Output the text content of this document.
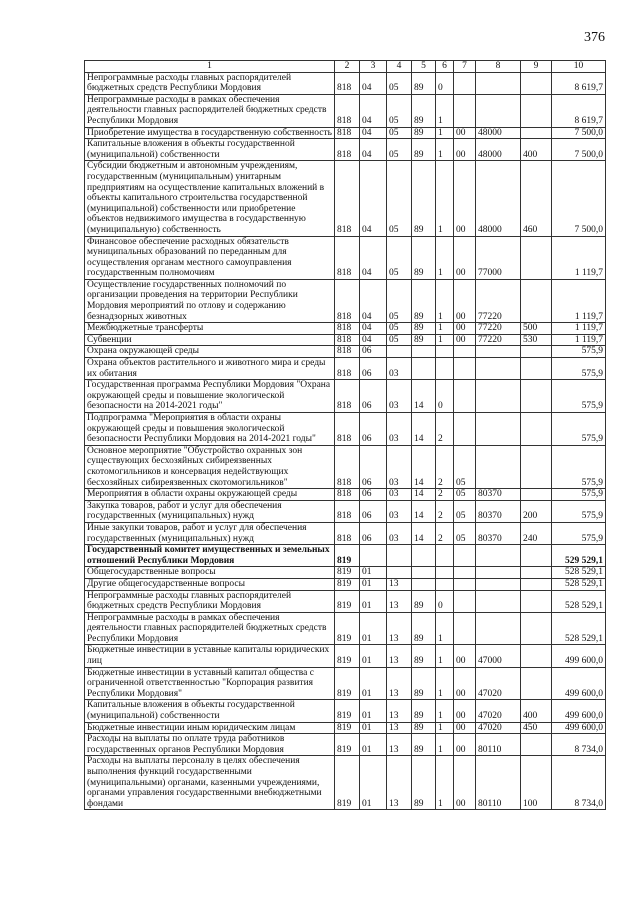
376
1	2	3	4	5	6	7	8	9	10
Непрограммные расходы главных распорядителей бюджетных средств Республики Мордовия	818	04	05	89	0				8 619,7
Непрограммные расходы в рамках обеспечения деятельности главных распорядителей бюджетных средств Республики Мордовия	818	04	05	89	1				8 619,7
Приобретение имущества в государственную собственность	818	04	05	89	1	00	48000		7 500,0
Капитальные вложения в объекты государственной (муниципальной) собственности	818	04	05	89	1	00	48000	400	7 500,0
Субсидии бюджетным и автономным учреждениям, государственным (муниципальным) унитарным предприятиям на осуществление капитальных вложений в объекты капитального строительства государственной (муниципальной) собственности или приобретение объектов недвижимого имущества в государственную (муниципальную) собственность	818	04	05	89	1	00	48000	460	7 500,0
Финансовое обеспечение расходных обязательств муниципальных образований по переданным для осуществления органам местного самоуправления государственным полномочиям	818	04	05	89	1	00	77000		1 119,7
Осуществление государственных полномочий по организации проведения на территории Республики Мордовия мероприятий по отлову и содержанию безнадзорных животных	818	04	05	89	1	00	77220		1 119,7
Межбюджетные трансферты	818	04	05	89	1	00	77220	500	1 119,7
Субвенции	818	04	05	89	1	00	77220	530	1 119,7
Охрана окружающей среды	818	06							575,9
Охрана объектов растительного и животного мира и среды их обитания	818	06	03						575,9
Государственная программа Республики Мордовия "Охрана окружающей среды и повышение экологической безопасности на 2014-2021 годы"	818	06	03	14	0				575,9
Подпрограмма "Мероприятия в области охраны окружающей среды и повышения экологической безопасности Республики Мордовия на 2014-2021 годы"	818	06	03	14	2				575,9
Основное мероприятие "Обустройство охранных зон существующих бесхозяйных сибиреязвенных скотомогильников и консервация недействующих бесхозяйных сибиреязвенных скотомогильников"	818	06	03	14	2	05			575,9
Мероприятия в области охраны окружающей среды	818	06	03	14	2	05	80370		575,9
Закупка товаров, работ и услуг для обеспечения государственных (муниципальных) нужд	818	06	03	14	2	05	80370	200	575,9
Иные закупки товаров, работ и услуг для обеспечения государственных (муниципальных) нужд	818	06	03	14	2	05	80370	240	575,9
Государственный комитет имущественных и земельных отношений Республики Мордовия	819								529 529,1
Общегосударственные вопросы	819	01							528 529,1
Другие общегосударственные вопросы	819	01	13						528 529,1
Непрограммные расходы главных распорядителей бюджетных средств Республики Мордовия	819	01	13	89	0				528 529,1
Непрограммные расходы в рамках обеспечения деятельности главных распорядителей бюджетных средств Республики Мордовия	819	01	13	89	1				528 529,1
Бюджетные инвестиции в уставные капиталы юридических лиц	819	01	13	89	1	00	47000		499 600,0
Бюджетные инвестиции в уставный капитал общества с ограниченной ответственностью "Корпорация развития Республики Мордовия"	819	01	13	89	1	00	47020		499 600,0
Капитальные вложения в объекты государственной (муниципальной) собственности	819	01	13	89	1	00	47020	400	499 600,0
Бюджетные инвестиции иным юридическим лицам	819	01	13	89	1	00	47020	450	499 600,0
Расходы на выплаты по оплате труда работников государственных органов Республики Мордовия	819	01	13	89	1	00	80110		8 734,0
Расходы на выплаты персоналу в целях обеспечения выполнения функций государственными (муниципальными) органами, казенными учреждениями, органами управления государственными внебюджетными фондами	819	01	13	89	1	00	80110	100	8 734,0
